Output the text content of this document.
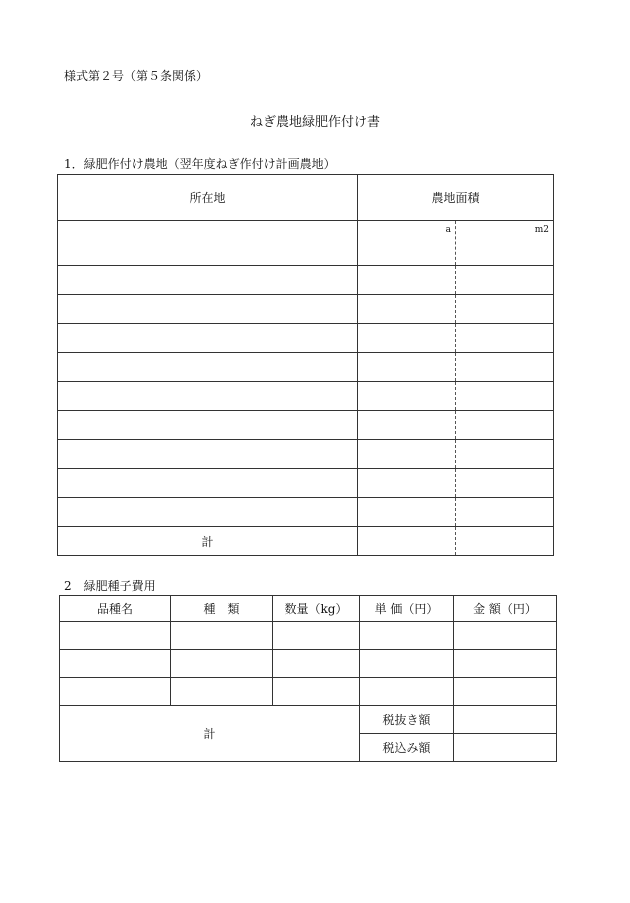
様式第２号（第５条関係）
ねぎ農地緑肥作付け書
1．緑肥作付け農地（翌年度ねぎ作付け計画農地）
所在地	農地面積	
	a	m2

計		
2　緑肥種子費用
品種名	種　類	数量（kg）	単 価（円）	金 額（円）

計			税抜き額	
			税込み額	
